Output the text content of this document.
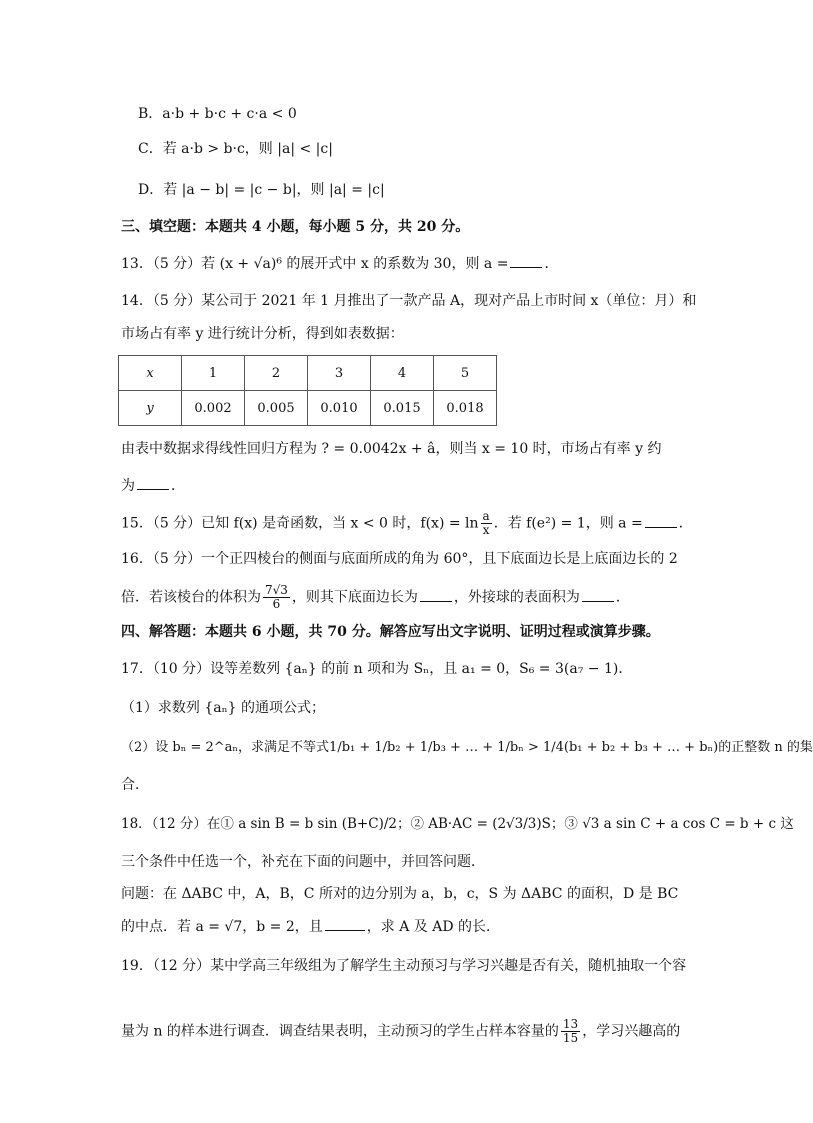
B．a·b + b·c + c·a < 0
C．若 a·b > b·c，则 |a| < |c|
D．若 |a − b| = |c − b|，则 |a| = |c|
三、填空题：本题共 4 小题，每小题 5 分，共 20 分。
13．（5 分）若 (x + √a)⁶ 的展开式中 x 的系数为 30，则 a =	．
14．（5 分）某公司于 2021 年 1 月推出了一款产品 A，现对产品上市时间 x（单位：月）和
市场占有率 y 进行统计分析，得到如表数据：
x	1	2	3	4	5
y	0.002	0.005	0.010	0.015	0.018
由表中数据求得线性回归方程为 ? = 0.0042x + â，则当 x = 10 时，市场占有率 y 约
为	．
15．（5 分）已知 f(x) 是奇函数，当 x < 0 时，$f(x) = \ln \frac{a}{x}$ ．若 f(e²) = 1，则 a =	．
16．（5 分）一个正四棱台的侧面与底面所成的角为 60°，且下底面边长是上底面边长的 2
倍．若该棱台的体积为 $\frac{7√3}{6}$ ，则其下底面边长为	，外接球的表面积为	．
四、解答题：本题共 6 小题，共 70 分。解答应写出文字说明、证明过程或演算步骤。
17．（10 分）设等差数列 {aₙ} 的前 n 项和为 Sₙ，且 a₁ = 0，S₆ = 3(a₇ − 1)．
（1）求数列 {aₙ} 的通项公式；
（2）设 bₙ = 2^aₙ，求满足不等式1/b₁ + 1/b₂ + 1/b₃ + … + 1/bₙ > 1/4(b₁ + b₂ + b₃ + … + bₙ)的正整数 n 的集
合．
18．（12 分）在① a sin B = b sin (B+C)/2；② AB·AC = (2√3/3)S；③ √3 a sin C + a cos C = b + c 这
三个条件中任选一个，补充在下面的问题中，并回答问题．
问题：在 ΔABC 中，A，B，C 所对的边分别为 a，b，c，S 为 ΔABC 的面积，D 是 BC
的中点．若 a = √7，b = 2，且	，求 A 及 AD 的长．
19．（12 分）某中学高三年级组为了解学生主动预习与学习兴趣是否有关，随机抽取一个容
量为 n 的样本进行调查．调查结果表明，主动预习的学生占样本容量的 $\frac{13}{15}$ ，学习兴趣高的
